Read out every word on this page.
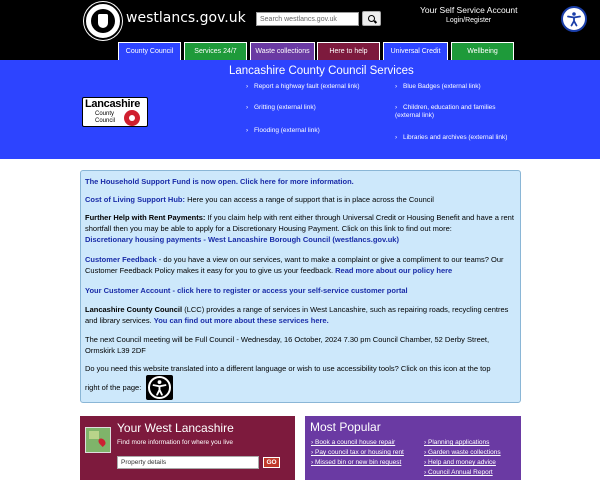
westlancs.gov.uk	Search westlancs.gov.uk
Your Self Service Account
Login/Register
County Council	Services 24/7	Waste collections	Here to help	Universal Credit	Wellbeing
Lancashire
County
Council
Lancashire County Council Services
› Report a highway fault (external link)
› Gritting (external link)
› Flooding (external link)
› Blue Badges (external link)
› Children, education and families (external link)
› Libraries and archives (external link)
The Household Support Fund is now open. Click here for more information.
Cost of Living Support Hub: Here you can access a range of support that is in place across the Council
Further Help with Rent Payments: If you claim help with rent either through Universal Credit or Housing Benefit and have a rent shortfall then you may be able to apply for a Discretionary Housing Payment. Click on this link to find out more:
Discretionary housing payments - West Lancashire Borough Council (westlancs.gov.uk)
Customer Feedback - do you have a view on our services, want to make a complaint or give a compliment to our teams? Our Customer Feedback Policy makes it easy for you to give us your feedback. Read more about our policy here
Your Customer Account - click here to register or access your self-service customer portal
Lancashire County Council (LCC) provides a range of services in West Lancashire, such as repairing roads, recycling centres and library services. You can find out more about these services here.
The next Council meeting will be Full Council - Wednesday, 16 October, 2024 7.30 pm Council Chamber, 52 Derby Street, Ormskirk L39 2DF
Do you need this website translated into a different language or wish to use accessibility tools? Click on this icon at the top
right of the page:
Your West Lancashire
Find more information for where you live
Property details	GO
Most Popular
› Book a council house repair
› Pay council tax or housing rent
› Missed bin or new bin request
› Planning applications
› Garden waste collections
› Help and money advice
› Council Annual Report
